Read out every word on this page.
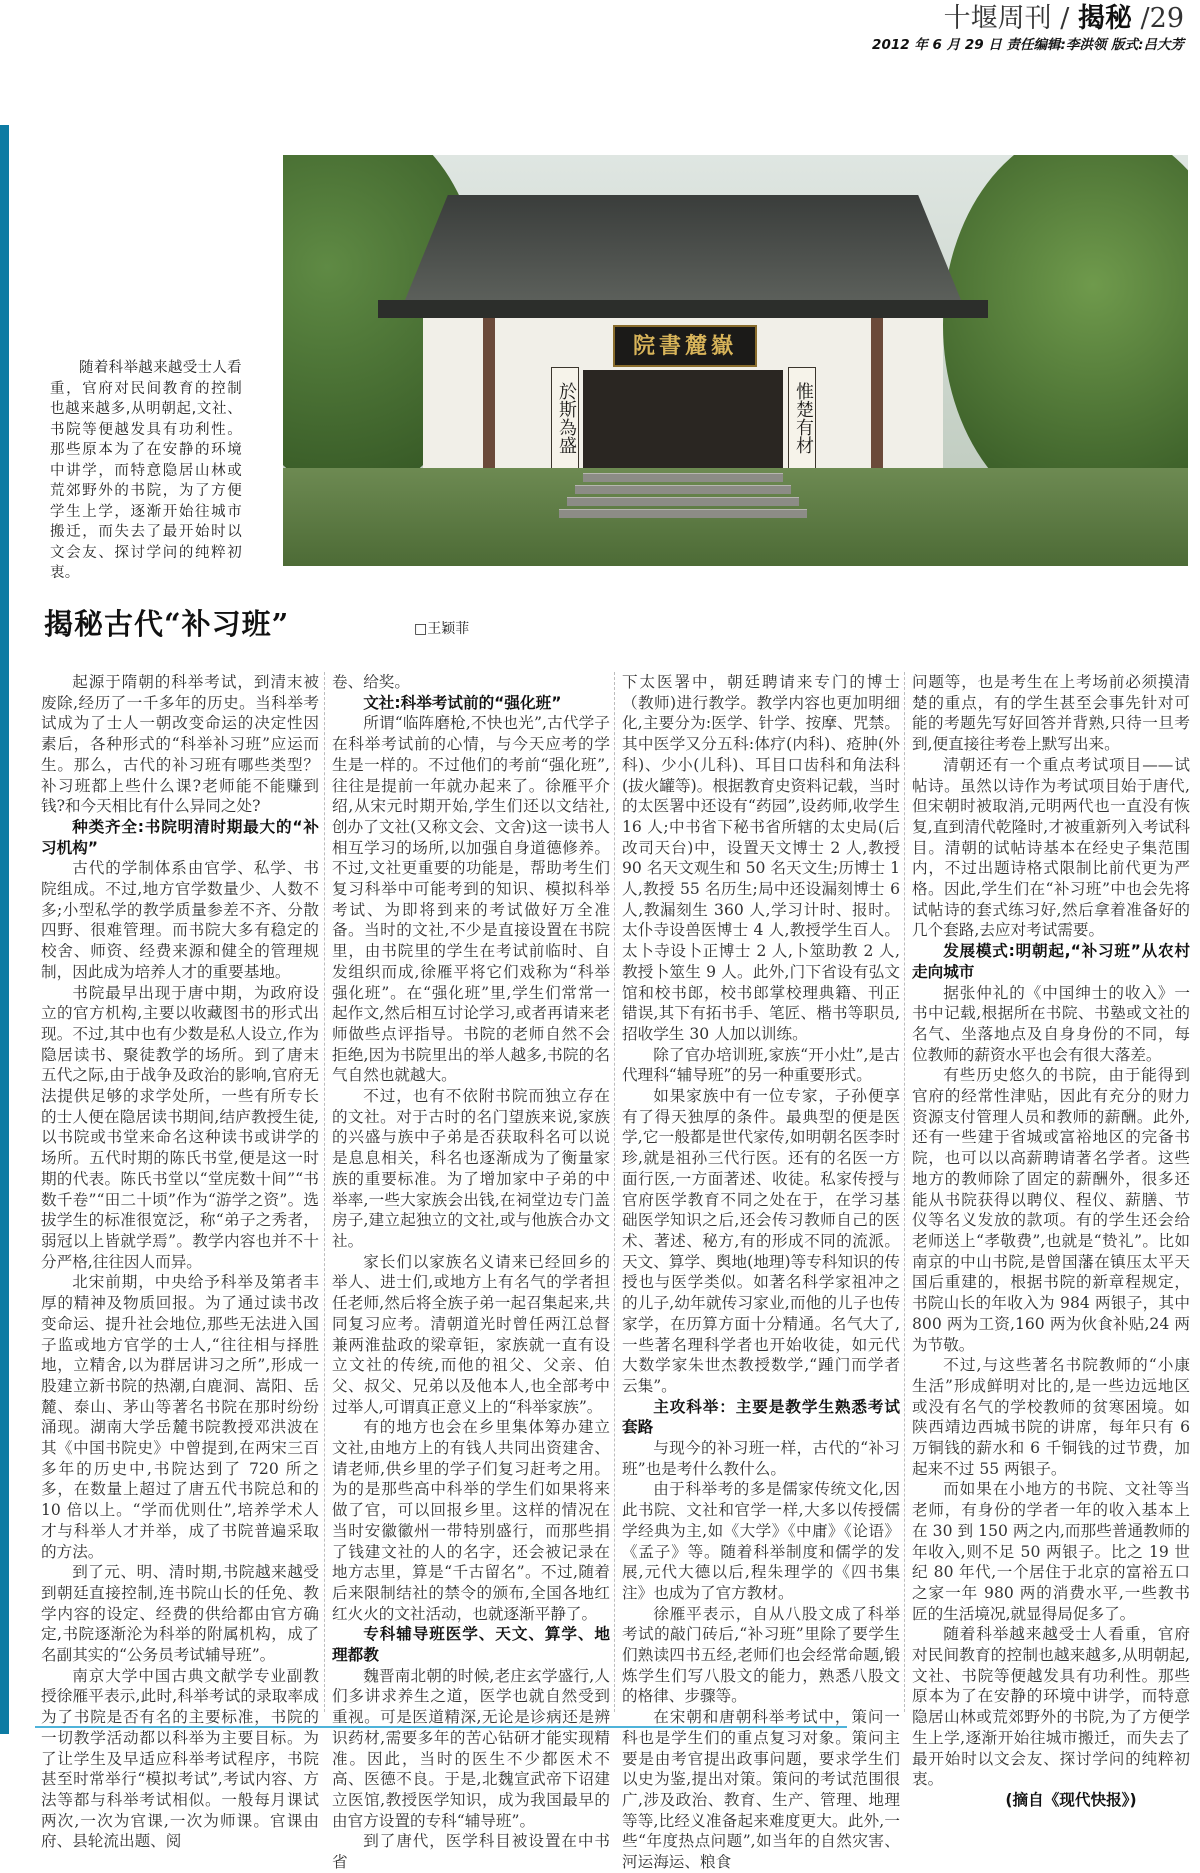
十堰周刊 / 揭秘 /29
2012 年 6 月 29 日 责任编辑:李洪领 版式:吕大芳
随着科举越来越受士人看重，官府对民间教育的控制也越来越多,从明朝起,文社、书院等便越发具有功利性。那些原本为了在安静的环境中讲学，而特意隐居山林或荒郊野外的书院，为了方便学生上学，逐渐开始往城市搬迁，而失去了最开始时以文会友、探讨学问的纯粹初衷。
院書麓嶽
於斯為盛	惟楚有材
揭秘古代“补习班”	□王颖菲

起源于隋朝的科举考试，到清末被废除,经历了一千多年的历史。当科举考试成为了士人一朝改变命运的决定性因素后，各种形式的“科举补习班”应运而生。那么，古代的补习班有哪些类型？补习班都上些什么课?老师能不能赚到钱?和今天相比有什么异同之处?

种类齐全:书院明清时期最大的“补习机构”

古代的学制体系由官学、私学、书院组成。不过,地方官学数量少、人数不多;小型私学的教学质量参差不齐、分散四野、很难管理。而书院大多有稳定的校舍、师资、经费来源和健全的管理规制，因此成为培养人才的重要基地。

书院最早出现于唐中期，为政府设立的官方机构,主要以收藏图书的形式出现。不过,其中也有少数是私人设立,作为隐居读书、聚徒教学的场所。到了唐末五代之际,由于战争及政治的影响,官府无法提供足够的求学处所，一些有所专长的士人便在隐居读书期间,结庐教授生徒,以书院或书堂来命名这种读书或讲学的场所。五代时期的陈氏书堂,便是这一时期的代表。陈氏书堂以“堂庑数十间”“书数千卷”“田二十顷”作为“游学之资”。选拔学生的标准很宽泛，称“弟子之秀者，弱冠以上皆就学焉”。教学内容也并不十分严格,往往因人而异。

北宋前期，中央给予科举及第者丰厚的精神及物质回报。为了通过读书改变命运、提升社会地位,那些无法进入国子监或地方官学的士人,“往往相与择胜地，立精舍,以为群居讲习之所”,形成一股建立新书院的热潮,白鹿洞、嵩阳、岳麓、泰山、茅山等著名书院在那时纷纷涌现。湖南大学岳麓书院教授邓洪波在其《中国书院史》中曾提到,在两宋三百多年的历史中,书院达到了 720 所之多，在数量上超过了唐五代书院总和的 10 倍以上。“学而优则仕”,培养学术人才与科举人才并举，成了书院普遍采取的方法。

到了元、明、清时期,书院越来越受到朝廷直接控制,连书院山长的任免、教学内容的设定、经费的供给都由官方确定,书院逐渐沦为科举的附属机构，成了名副其实的“公务员考试辅导班”。

南京大学中国古典文献学专业副教授徐雁平表示,此时,科举考试的录取率成为了书院是否有名的主要标准，书院的一切教学活动都以科举为主要目标。为了让学生及早适应科举考试程序，书院甚至时常举行“模拟考试”,考试内容、方法等都与科举考试相似。一般每月课试两次,一次为官课,一次为师课。官课由府、县轮流出题、阅

卷、给奖。

文社:科举考试前的“强化班”

所谓“临阵磨枪,不快也光”,古代学子在科举考试前的心情，与今天应考的学生是一样的。不过他们的考前“强化班”,往往是提前一年就办起来了。徐雁平介绍,从宋元时期开始,学生们还以文结社,创办了文社(又称文会、文舍)这一读书人相互学习的场所,以加强自身道德修养。不过,文社更重要的功能是，帮助考生们复习科举中可能考到的知识、模拟科举考试、为即将到来的考试做好万全准备。当时的文社,不少是直接设置在书院里，由书院里的学生在考试前临时、自发组织而成,徐雁平将它们戏称为“科举强化班”。在“强化班”里,学生们常常一起作文,然后相互讨论学习,或者再请来老师做些点评指导。书院的老师自然不会拒绝,因为书院里出的举人越多,书院的名气自然也就越大。

不过，也有不依附书院而独立存在的文社。对于古时的名门望族来说,家族的兴盛与族中子弟是否获取科名可以说是息息相关，科名也逐渐成为了衡量家族的重要标准。为了增加家中子弟的中举率,一些大家族会出钱,在祠堂边专门盖房子,建立起独立的文社,或与他族合办文社。

家长们以家族名义请来已经回乡的举人、进士们,或地方上有名气的学者担任老师,然后将全族子弟一起召集起来,共同复习应考。清朝道光时曾任两江总督兼两淮盐政的梁章钜，家族就一直有设立文社的传统,而他的祖父、父亲、伯父、叔父、兄弟以及他本人,也全部考中过举人,可谓真正意义上的“科举家族”。

有的地方也会在乡里集体筹办建立文社,由地方上的有钱人共同出资建舍、请老师,供乡里的学子们复习赶考之用。为的是那些高中科举的学生们如果将来做了官，可以回报乡里。这样的情况在当时安徽徽州一带特别盛行，而那些捐了钱建文社的人的名字，还会被记录在地方志里，算是“千古留名”。不过,随着后来限制结社的禁令的颁布,全国各地红红火火的文社活动，也就逐渐平静了。

专科辅导班医学、天文、算学、地理都教

魏晋南北朝的时候,老庄玄学盛行,人们多讲求养生之道，医学也就自然受到重视。可是医道精深,无论是诊病还是辨识药材,需要多年的苦心钻研才能实现精准。因此，当时的医生不少都医术不高、医德不良。于是,北魏宣武帝下诏建立医馆,教授医学知识，成为我国最早的由官方设置的专科“辅导班”。

到了唐代，医学科目被设置在中书省

下太医署中，朝廷聘请来专门的博士（教师)进行教学。教学内容也更加明细化,主要分为:医学、针学、按摩、咒禁。其中医学又分五科:体疗(内科)、疮肿(外科)、少小(儿科)、耳目口齿科和角法科(拔火罐等)。根据教育史资料记载，当时的太医署中还设有“药园”,设药师,收学生 16 人;中书省下秘书省所辖的太史局(后改司天台)中，设置天文博士 2 人,教授 90 名天文观生和 50 名天文生;历博士 1 人,教授 55 名历生;局中还设漏刻博士 6 人,教漏刻生 360 人,学习计时、报时。太仆寺设兽医博士 4 人,教授学生百人。太卜寺设卜正博士 2 人,卜筮助教 2 人,教授卜筮生 9 人。此外,门下省设有弘文馆和校书郎，校书郎掌校理典籍、刊正错误,其下有拓书手、笔匠、楷书等职员,招收学生 30 人加以训练。

除了官办培训班,家族“开小灶”,是古代理科“辅导班”的另一种重要形式。

如果家族中有一位专家，子孙便享有了得天独厚的条件。最典型的便是医学,它一般都是世代家传,如明朝名医李时珍,就是祖孙三代行医。还有的名医一方面行医,一方面著述、收徒。私家传授与官府医学教育不同之处在于，在学习基础医学知识之后,还会传习教师自己的医术、著述、秘方,有的形成不同的流派。天文、算学、舆地(地理)等专科知识的传授也与医学类似。如著名科学家祖冲之的儿子,幼年就传习家业,而他的儿子也传家学，在历算方面十分精通。名气大了,一些著名理科学者也开始收徒，如元代大数学家朱世杰教授数学,“踵门而学者云集”。

主攻科举：主要是教学生熟悉考试套路

与现今的补习班一样，古代的“补习班”也是考什么教什么。

由于科举考的多是儒家传统文化,因此书院、文社和官学一样,大多以传授儒学经典为主,如《大学》《中庸》《论语》《孟子》等。随着科举制度和儒学的发展,元代大德以后,程朱理学的《四书集注》也成为了官方教材。

徐雁平表示，自从八股文成了科举考试的敲门砖后,“补习班”里除了要学生们熟读四书五经,老师们也会经常命题,锻炼学生们写八股文的能力，熟悉八股文的格律、步骤等。

在宋朝和唐朝科举考试中，策问一科也是学生们的重点复习对象。策问主要是由考官提出政事问题，要求学生们以史为鉴,提出对策。策问的考试范围很广,涉及政治、教育、生产、管理、地理等等,比经义准备起来难度更大。此外,一些“年度热点问题”,如当年的自然灾害、河运海运、粮食

问题等，也是考生在上考场前必须摸清楚的重点，有的学生甚至会事先针对可能的考题先写好回答并背熟,只待一旦考到,便直接往考卷上默写出来。

清朝还有一个重点考试项目——试帖诗。虽然以诗作为考试项目始于唐代,但宋朝时被取消,元明两代也一直没有恢复,直到清代乾隆时,才被重新列入考试科目。清朝的试帖诗基本在经史子集范围内，不过出题诗格式限制比前代更为严格。因此,学生们在“补习班”中也会先将试帖诗的套式练习好,然后拿着准备好的几个套路,去应对考试需要。

发展模式:明朝起,“补习班”从农村走向城市

据张仲礼的《中国绅士的收入》一书中记载,根据所在书院、书塾或文社的名气、坐落地点及自身身份的不同，每位教师的薪资水平也会有很大落差。

有些历史悠久的书院，由于能得到官府的经常性津贴，因此有充分的财力资源支付管理人员和教师的薪酬。此外,还有一些建于省城或富裕地区的完备书院，也可以以高薪聘请著名学者。这些地方的教师除了固定的薪酬外，很多还能从书院获得以聘仪、程仪、薪膳、节仪等名义发放的款项。有的学生还会给老师送上“孝敬费”,也就是“贽礼”。比如南京的中山书院,是曾国藩在镇压太平天国后重建的，根据书院的新章程规定，书院山长的年收入为 984 两银子，其中 800 两为工资,160 两为伙食补贴,24 两为节敬。

不过,与这些著名书院教师的“小康生活”形成鲜明对比的,是一些边远地区或没有名气的学校教师的贫寒困境。如陕西靖边西城书院的讲席，每年只有 6 万铜钱的薪水和 6 千铜钱的过节费，加起来不过 55 两银子。

而如果在小地方的书院、文社等当老师，有身份的学者一年的收入基本上在 30 到 150 两之内,而那些普通教师的年收入,则不足 50 两银子。比之 19 世纪 80 年代,一个居住于北京的富裕五口之家一年 980 两的消费水平,一些教书匠的生活境况,就显得局促多了。

随着科举越来越受士人看重，官府对民间教育的控制也越来越多,从明朝起,文社、书院等便越发具有功利性。那些原本为了在安静的环境中讲学，而特意隐居山林或荒郊野外的书院,为了方便学生上学,逐渐开始往城市搬迁，而失去了最开始时以文会友、探讨学问的纯粹初衷。

(摘自《现代快报》)
